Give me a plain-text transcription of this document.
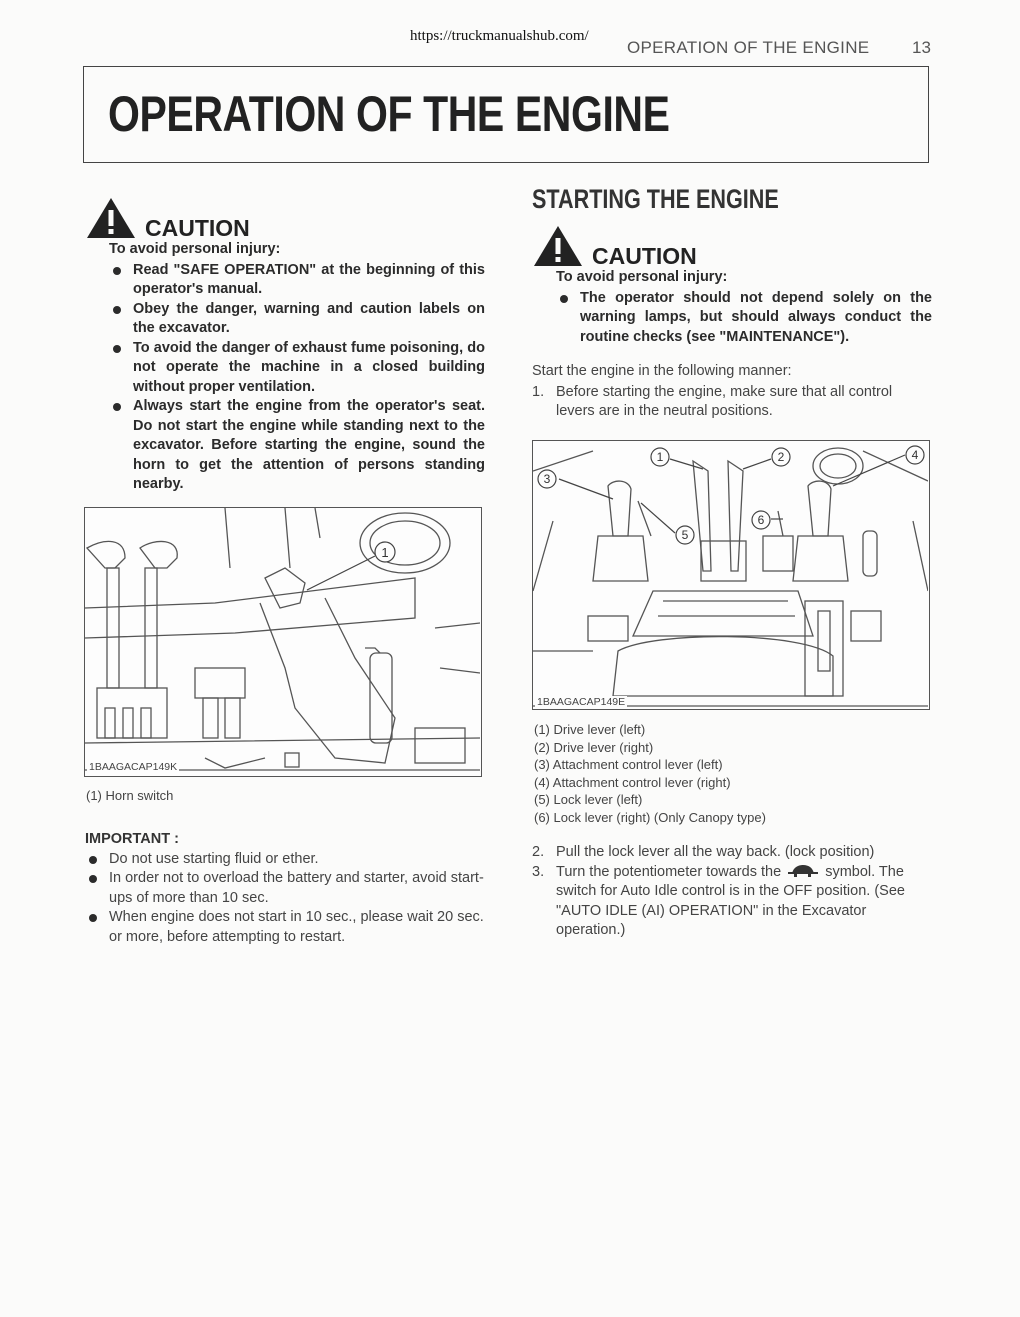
https://truckmanualshub.com/
OPERATION OF THE ENGINE	13
OPERATION OF THE ENGINE
CAUTION
To avoid personal injury:
Read "SAFE OPERATION" at the beginning of this operator's manual.
Obey the danger, warning and caution labels on the excavator.
To avoid the danger of exhaust fume poisoning, do not operate the machine in a closed building without proper ventilation.
Always start the engine from the operator's seat. Do not start the engine while standing next to the excavator. Before starting the engine, sound the horn to get the attention of persons standing nearby.
1
1BAAGACAP149K
(1) Horn switch
IMPORTANT :
Do not use starting fluid or ether.
In order not to overload the battery and starter, avoid start-ups of more than 10 sec.
When engine does not start in 10 sec., please wait 20 sec. or more, before attempting to restart.
STARTING THE ENGINE
CAUTION
To avoid personal injury:
The operator should not depend solely on the warning lamps, but should always conduct the routine checks (see "MAINTENANCE").
Start the engine in the following manner:
1. Before starting the engine, make sure that all control levers are in the neutral positions.
1	2
3
4
5
6
1BAAGACAP149E
(1) Drive lever (left)
(2) Drive lever (right)
(3) Attachment control lever (left)
(4) Attachment control lever (right)
(5) Lock lever (left)
(6) Lock lever (right) (Only Canopy type)
2. Pull the lock lever all the way back. (lock position)
3. Turn the potentiometer towards the	symbol. The switch for Auto Idle control is in the OFF position. (See "AUTO IDLE (AI) OPERATION" in the Excavator operation.)
